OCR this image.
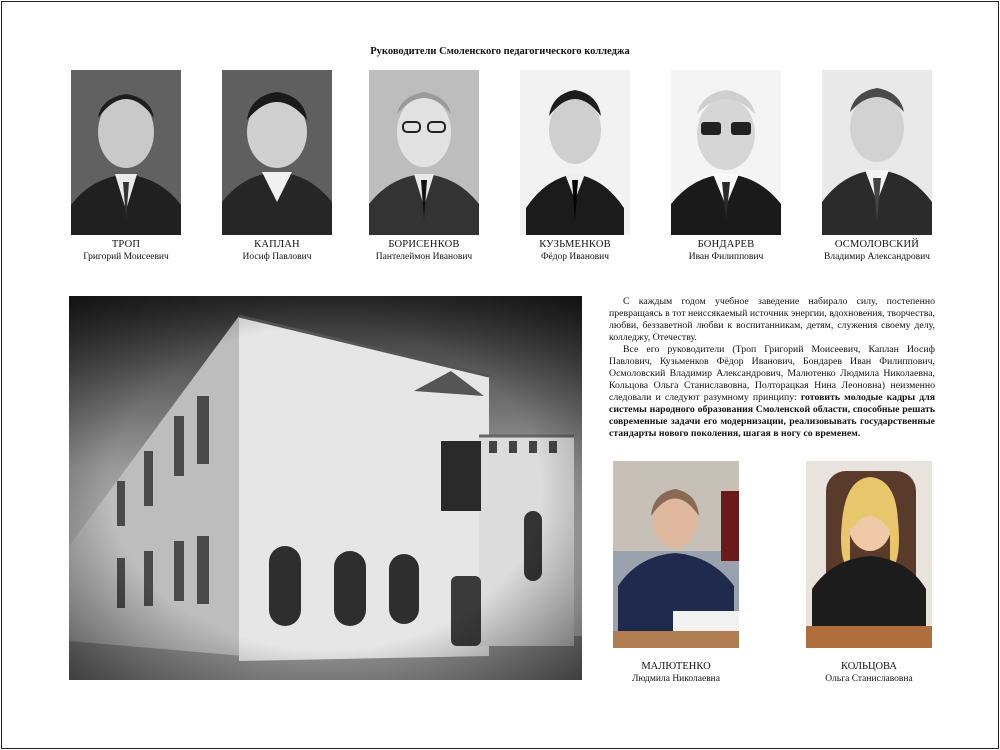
Руководители Смоленского педагогического колледжа
ТРОП
Григорий Моисеевич
КАПЛАН
Иосиф Павлович
БОРИСЕНКОВ
Пантелеймон Иванович
КУЗЬМЕНКОВ
Фёдор Иванович
БОНДАРЕВ
Иван Филиппович
ОСМОЛОВСКИЙ
Владимир Александрович

С каждым годом учебное заведение набирало силу, постепенно превращаясь в тот неиссякаемый источник энергии, вдохновения, творчества, любви, беззаветной любви к воспитанникам, детям, служения своему делу, колледжу, Отечеству.

Все его руководители (Троп Григорий Моисеевич, Каплан Иосиф Павлович, Кузьменков Фёдор Иванович, Бондарев Иван Филиппович, Осмоловский Владимир Александрович, Малютенко Людмила Николаевна, Кольцова Ольга Станиславовна, Полторацкая Нина Леоновна) неизменно следовали и следуют разумному принципу: готовить молодые кадры для системы народного образования Смоленской области, способные решать современные задачи его модернизации, реализовывать государственные стандарты нового поколения, шагая в ногу со временем.

МАЛЮТЕНКО
Людмила Николаевна
КОЛЬЦОВА
Ольга Станиславовна
